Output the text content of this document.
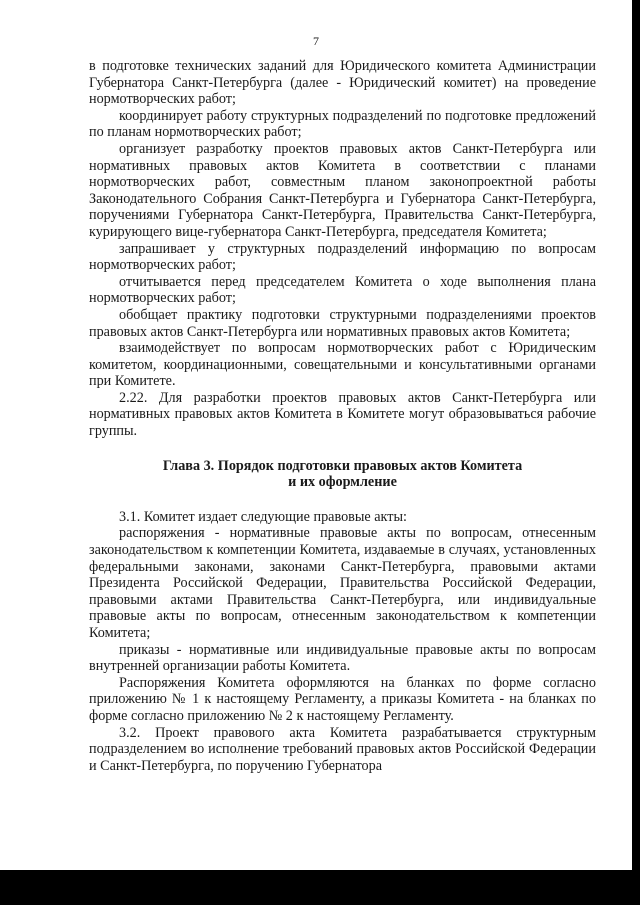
7

в подготовке технических заданий для Юридического комитета Администрации Губернатора Санкт-Петербурга (далее - Юридический комитет) на проведение нормотворческих работ;

координирует работу структурных подразделений по подготовке предложений по планам нормотворческих работ;

организует разработку проектов правовых актов Санкт-Петербурга или нормативных правовых актов Комитета в соответствии с планами нормотворческих работ, совместным планом законопроектной работы Законодательного Собрания Санкт-Петербурга и Губернатора Санкт-Петербурга, поручениями Губернатора Санкт-Петербурга, Правительства Санкт-Петербурга, курирующего вице-губернатора Санкт-Петербурга, председателя Комитета;

запрашивает у структурных подразделений информацию по вопросам нормотворческих работ;

отчитывается перед председателем Комитета о ходе выполнения плана нормотворческих работ;

обобщает практику подготовки структурными подразделениями проектов правовых актов Санкт-Петербурга или нормативных правовых актов Комитета;

взаимодействует по вопросам нормотворческих работ с Юридическим комитетом, координационными, совещательными и консультативными органами при Комитете.

2.22. Для разработки проектов правовых актов Санкт-Петербурга или нормативных правовых актов Комитета в Комитете могут образовываться рабочие группы.

Глава 3. Порядок подготовки правовых актов Комитета
и их оформление

3.1. Комитет издает следующие правовые акты:

распоряжения - нормативные правовые акты по вопросам, отнесенным законодательством к компетенции Комитета, издаваемые в случаях, установленных федеральными законами, законами Санкт-Петербурга, правовыми актами Президента Российской Федерации, Правительства Российской Федерации, правовыми актами Правительства Санкт-Петербурга, или индивидуальные правовые акты по вопросам, отнесенным законодательством к компетенции Комитета;

приказы - нормативные или индивидуальные правовые акты по вопросам внутренней организации работы Комитета.

Распоряжения Комитета оформляются на бланках по форме согласно приложению № 1 к настоящему Регламенту, а приказы Комитета - на бланках по форме согласно приложению № 2 к настоящему Регламенту.

3.2. Проект правового акта Комитета разрабатывается структурным подразделением во исполнение требований правовых актов Российской Федерации и Санкт-Петербурга, по поручению Губернатора
